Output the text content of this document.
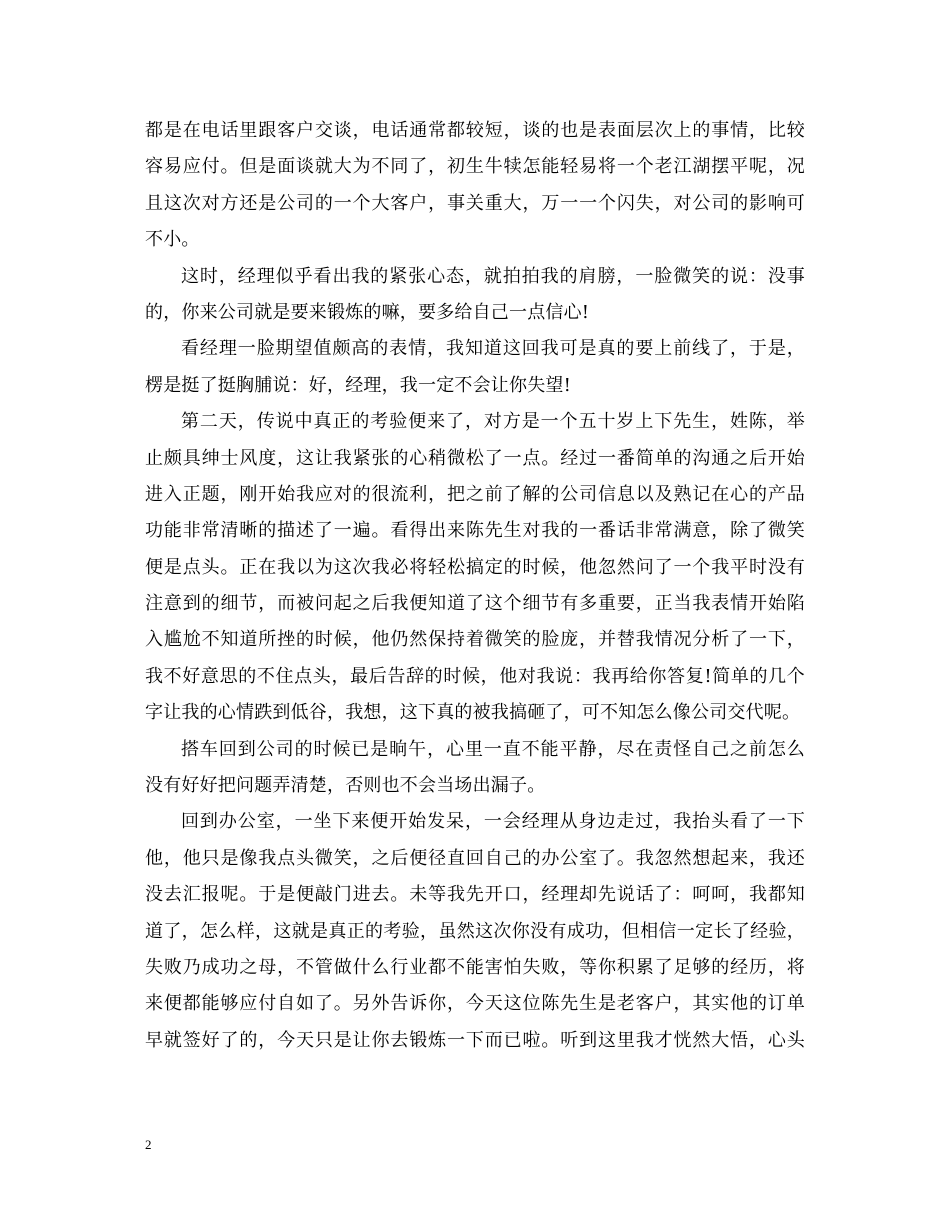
都是在电话里跟客户交谈，电话通常都较短，谈的也是表面层次上的事情，比较
容易应付。但是面谈就大为不同了，初生牛犊怎能轻易将一个老江湖摆平呢，况
且这次对方还是公司的一个大客户，事关重大，万一一个闪失，对公司的影响可
不小。
这时，经理似乎看出我的紧张心态，就拍拍我的肩膀，一脸微笑的说：没事
的，你来公司就是要来锻炼的嘛，要多给自己一点信心!
看经理一脸期望值颇高的表情，我知道这回我可是真的要上前线了，于是，
楞是挺了挺胸脯说：好，经理，我一定不会让你失望!
第二天，传说中真正的考验便来了，对方是一个五十岁上下先生，姓陈，举
止颇具绅士风度，这让我紧张的心稍微松了一点。经过一番简单的沟通之后开始
进入正题，刚开始我应对的很流利，把之前了解的公司信息以及熟记在心的产品
功能非常清晰的描述了一遍。看得出来陈先生对我的一番话非常满意，除了微笑
便是点头。正在我以为这次我必将轻松搞定的时候，他忽然问了一个我平时没有
注意到的细节，而被问起之后我便知道了这个细节有多重要，正当我表情开始陷
入尴尬不知道所挫的时候，他仍然保持着微笑的脸庞，并替我情况分析了一下，
我不好意思的不住点头，最后告辞的时候，他对我说：我再给你答复!简单的几个
字让我的心情跌到低谷，我想，这下真的被我搞砸了，可不知怎么像公司交代呢。
搭车回到公司的时候已是晌午，心里一直不能平静，尽在责怪自己之前怎么
没有好好把问题弄清楚，否则也不会当场出漏子。
回到办公室，一坐下来便开始发呆，一会经理从身边走过，我抬头看了一下
他，他只是像我点头微笑，之后便径直回自己的办公室了。我忽然想起来，我还
没去汇报呢。于是便敲门进去。未等我先开口，经理却先说话了：呵呵，我都知
道了，怎么样，这就是真正的考验，虽然这次你没有成功，但相信一定长了经验，
失败乃成功之母，不管做什么行业都不能害怕失败，等你积累了足够的经历，将
来便都能够应付自如了。另外告诉你，今天这位陈先生是老客户，其实他的订单
早就签好了的，今天只是让你去锻炼一下而已啦。听到这里我才恍然大悟，心头
2
